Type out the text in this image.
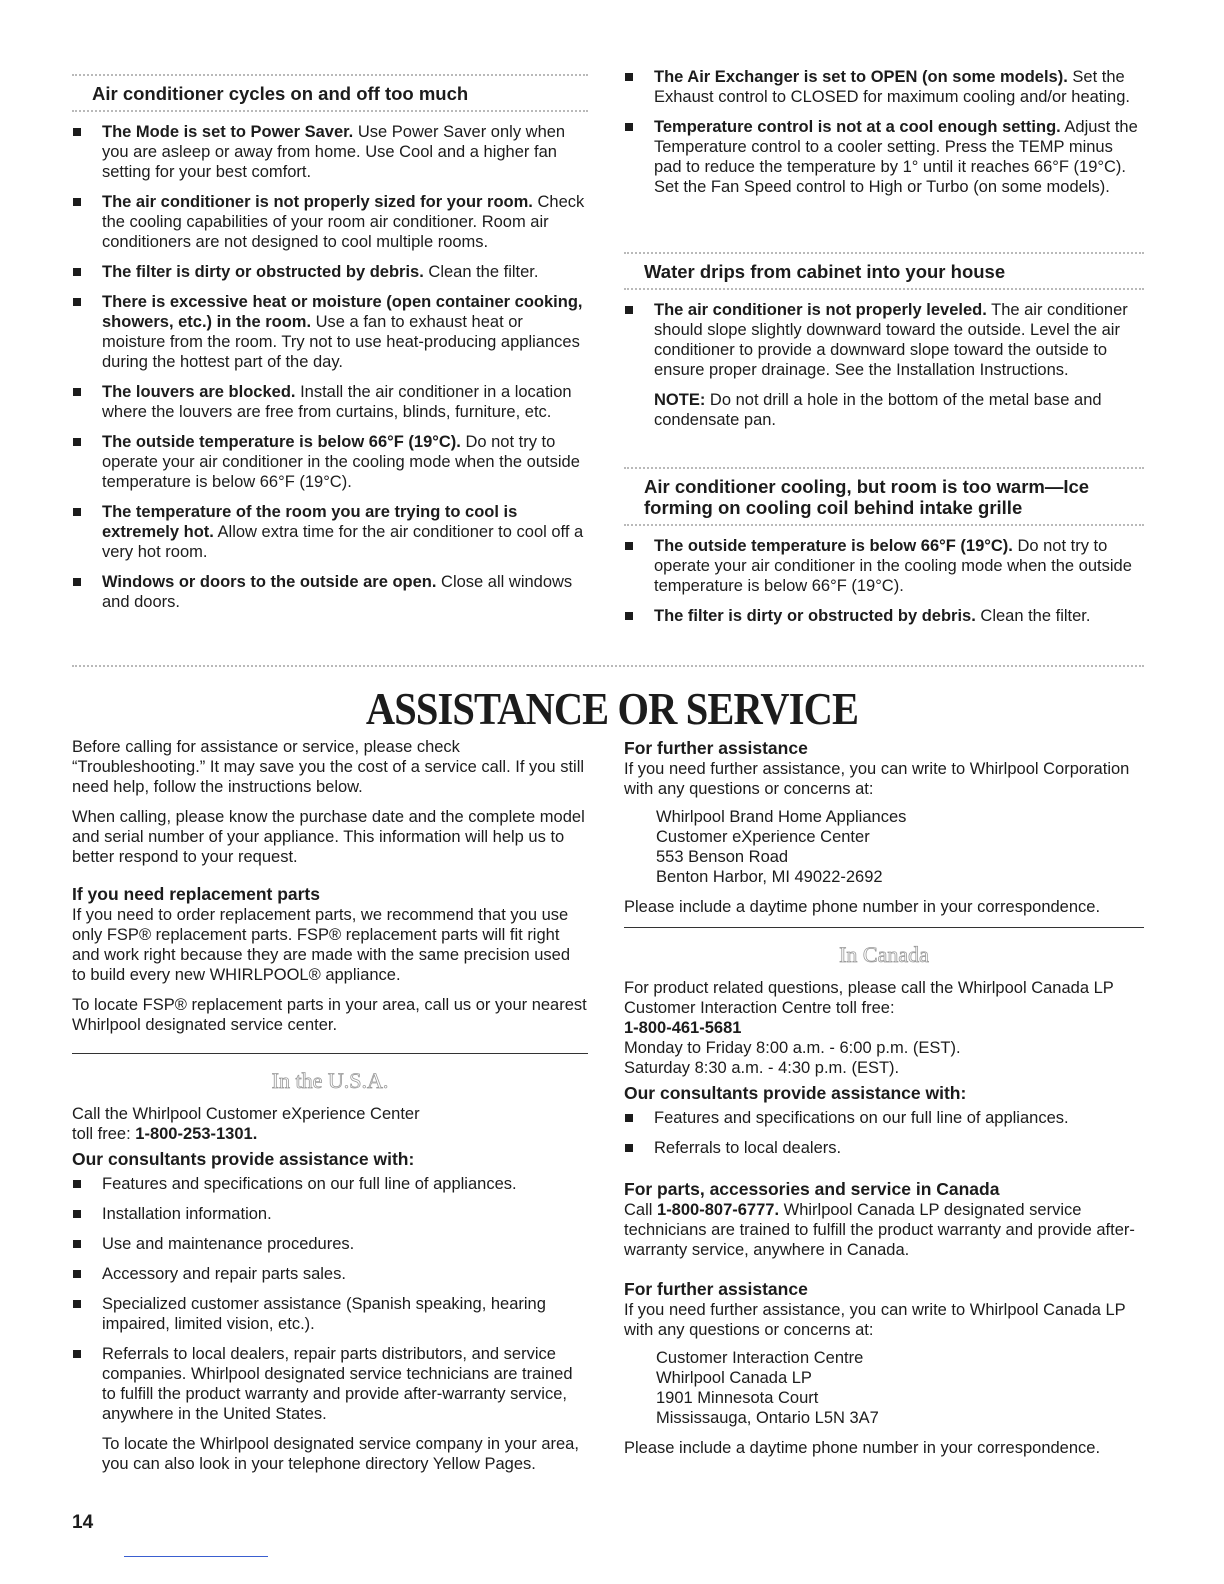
Air conditioner cycles on and off too much
The Mode is set to Power Saver. Use Power Saver only when you are asleep or away from home. Use Cool and a higher fan setting for your best comfort.
The air conditioner is not properly sized for your room. Check the cooling capabilities of your room air conditioner. Room air conditioners are not designed to cool multiple rooms.
The filter is dirty or obstructed by debris. Clean the filter.
There is excessive heat or moisture (open container cooking, showers, etc.) in the room. Use a fan to exhaust heat or moisture from the room. Try not to use heat-producing appliances during the hottest part of the day.
The louvers are blocked. Install the air conditioner in a location where the louvers are free from curtains, blinds, furniture, etc.
The outside temperature is below 66°F (19°C). Do not try to operate your air conditioner in the cooling mode when the outside temperature is below 66°F (19°C).
The temperature of the room you are trying to cool is extremely hot. Allow extra time for the air conditioner to cool off a very hot room.
Windows or doors to the outside are open. Close all windows and doors.
The Air Exchanger is set to OPEN (on some models). Set the Exhaust control to CLOSED for maximum cooling and/or heating.
Temperature control is not at a cool enough setting. Adjust the Temperature control to a cooler setting. Press the TEMP minus pad to reduce the temperature by 1° until it reaches 66°F (19°C). Set the Fan Speed control to High or Turbo (on some models).
Water drips from cabinet into your house
The air conditioner is not properly leveled. The air conditioner should slope slightly downward toward the outside. Level the air conditioner to provide a downward slope toward the outside to ensure proper drainage. See the Installation Instructions.
NOTE: Do not drill a hole in the bottom of the metal base and condensate pan.
Air conditioner cooling, but room is too warm—Ice
forming on cooling coil behind intake grille
The outside temperature is below 66°F (19°C). Do not try to operate your air conditioner in the cooling mode when the outside temperature is below 66°F (19°C).
The filter is dirty or obstructed by debris. Clean the filter.
ASSISTANCE OR SERVICE

Before calling for assistance or service, please check “Troubleshooting.” It may save you the cost of a service call. If you still need help, follow the instructions below.

When calling, please know the purchase date and the complete model and serial number of your appliance. This information will help us to better respond to your request.

If you need replacement parts

If you need to order replacement parts, we recommend that you use only FSP® replacement parts. FSP® replacement parts will fit right and work right because they are made with the same precision used to build every new WHIRLPOOL® appliance.

To locate FSP® replacement parts in your area, call us or your nearest Whirlpool designated service center.

In the U.S.A.
Call the Whirlpool Customer eXperience Center
toll free: 1-800-253-1301.
Our consultants provide assistance with:
Features and specifications on our full line of appliances.
Installation information.
Use and maintenance procedures.
Accessory and repair parts sales.
Specialized customer assistance (Spanish speaking, hearing impaired, limited vision, etc.).
Referrals to local dealers, repair parts distributors, and service companies. Whirlpool designated service technicians are trained to fulfill the product warranty and provide after-warranty service, anywhere in the United States.

To locate the Whirlpool designated service company in your area, you can also look in your telephone directory Yellow Pages.

For further assistance

If you need further assistance, you can write to Whirlpool Corporation with any questions or concerns at:

Whirlpool Brand Home Appliances
Customer eXperience Center
553 Benson Road
Benton Harbor, MI 49022-2692

Please include a daytime phone number in your correspondence.

In Canada
For product related questions, please call the Whirlpool Canada LP Customer Interaction Centre toll free:
1-800-461-5681
Monday to Friday 8:00 a.m. - 6:00 p.m. (EST).
Saturday 8:30 a.m. - 4:30 p.m. (EST).
Our consultants provide assistance with:
Features and specifications on our full line of appliances.
Referrals to local dealers.
For parts, accessories and service in Canada

Call 1-800-807-6777. Whirlpool Canada LP designated service technicians are trained to fulfill the product warranty and provide after-warranty service, anywhere in Canada.

For further assistance

If you need further assistance, you can write to Whirlpool Canada LP with any questions or concerns at:

Customer Interaction Centre
Whirlpool Canada LP
1901 Minnesota Court
Mississauga, Ontario L5N 3A7

Please include a daytime phone number in your correspondence.

14
